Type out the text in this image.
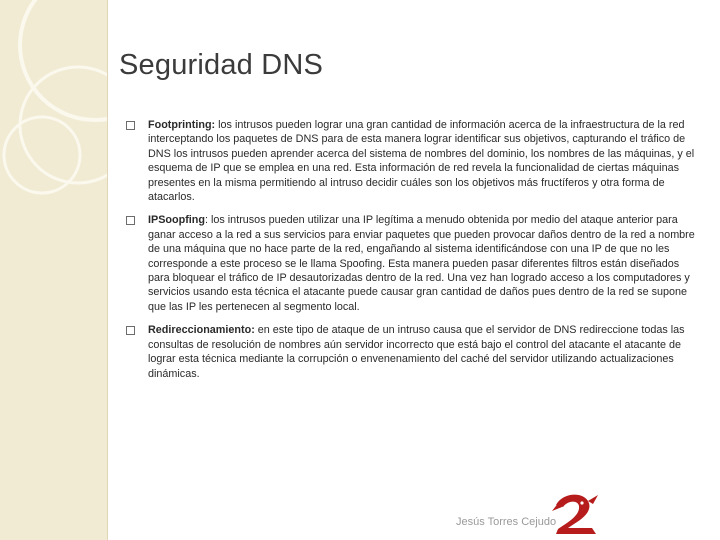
Seguridad DNS
Footprinting: los intrusos pueden lograr una gran cantidad de información acerca de la infraestructura de la red interceptando los paquetes de DNS para de esta manera lograr identificar sus objetivos, capturando el tráfico de DNS los intrusos pueden aprender acerca del sistema de nombres del dominio, los nombres de las máquinas, y el esquema de IP que se emplea en una red. Esta información de red revela la funcionalidad de ciertas máquinas presentes en la misma permitiendo al intruso decidir cuáles son los objetivos más fructíferos y otra forma de atacarlos.
IPSoopfing: los intrusos pueden utilizar una IP legítima a menudo obtenida por medio del ataque anterior para ganar acceso a la red a sus servicios para enviar paquetes que pueden provocar daños dentro de la red a nombre de una máquina que no hace parte de la red, engañando al sistema identificándose con una IP de que no les corresponde a este proceso se le llama Spoofing. Esta manera pueden pasar diferentes filtros están diseñados para bloquear el tráfico de IP desautorizadas dentro de la red. Una vez han logrado acceso a los computadores y servicios usando esta técnica el atacante puede causar gran cantidad de daños pues dentro de la red se supone que las IP les pertenecen al segmento local.
Redireccionamiento: en este tipo de ataque de un intruso causa que el servidor de DNS redireccione todas las consultas de resolución de nombres aún servidor incorrecto que está bajo el control del atacante el atacante de lograr esta técnica mediante la corrupción o envenenamiento del caché del servidor utilizando actualizaciones dinámicas.
Jesús Torres Cejudo
